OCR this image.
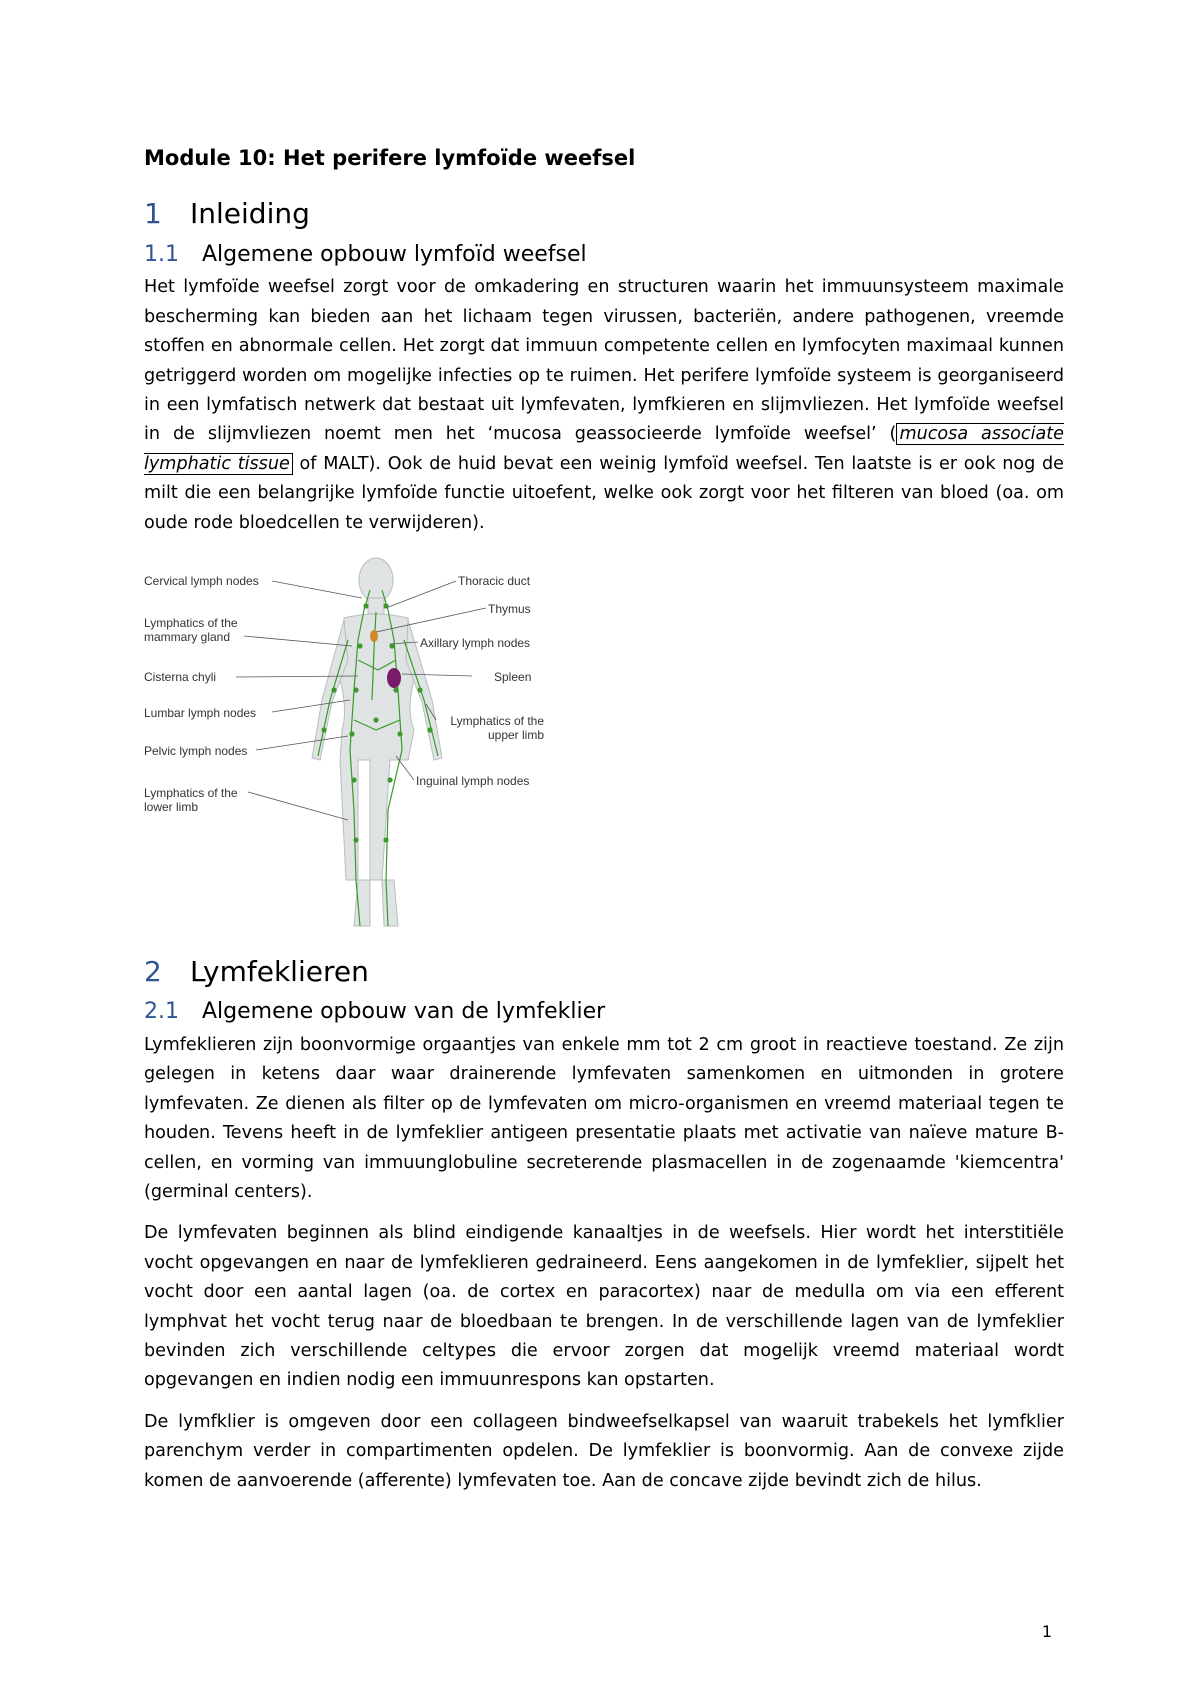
Module 10: Het perifere lymfoïde weefsel
1 Inleiding
1.1 Algemene opbouw lymfoïd weefsel

Het lymfoïde weefsel zorgt voor de omkadering en structuren waarin het immuunsysteem maximale bescherming kan bieden aan het lichaam tegen virussen, bacteriën, andere pathogenen, vreemde stoffen en abnormale cellen. Het zorgt dat immuun competente cellen en lymfocyten maximaal kunnen getriggerd worden om mogelijke infecties op te ruimen. Het perifere lymfoïde systeem is georganiseerd in een lymfatisch netwerk dat bestaat uit lymfevaten, lymfkieren en slijmvliezen. Het lymfoïde weefsel in de slijmvliezen noemt men het ‘mucosa geassocieerde lymfoïde weefsel’ ( mucosa associate lymphatic tissue of MALT). Ook de huid bevat een weinig lymfoïd weefsel. Ten laatste is er ook nog de milt die een belangrijke lymfoïde functie uitoefent, welke ook zorgt voor het filteren van bloed (oa. om oude rode bloedcellen te verwijderen).

Cervical lymph nodes
Lymphatics of the mammary gland
Cisterna chyli
Lumbar lymph nodes
Pelvic lymph nodes
Lymphatics of the lower limb
Thoracic duct
Thymus
Axillary lymph nodes
Spleen
Lymphatics of the upper limb
Inguinal lymph nodes
2 Lymfeklieren
2.1 Algemene opbouw van de lymfeklier

Lymfeklieren zijn boonvormige orgaantjes van enkele mm tot 2 cm groot in reactieve toestand. Ze zijn gelegen in ketens daar waar drainerende lymfevaten samenkomen en uitmonden in grotere lymfevaten. Ze dienen als filter op de lymfevaten om micro-organismen en vreemd materiaal tegen te houden. Tevens heeft in de lymfeklier antigeen presentatie plaats met activatie van naïeve mature B-cellen, en vorming van immuunglobuline secreterende plasmacellen in de zogenaamde 'kiemcentra' (germinal centers).

De lymfevaten beginnen als blind eindigende kanaaltjes in de weefsels. Hier wordt het interstitiële vocht opgevangen en naar de lymfeklieren gedraineerd. Eens aangekomen in de lymfeklier, sijpelt het vocht door een aantal lagen (oa. de cortex en paracortex) naar de medulla om via een efferent lymphvat het vocht terug naar de bloedbaan te brengen. In de verschillende lagen van de lymfeklier bevinden zich verschillende celtypes die ervoor zorgen dat mogelijk vreemd materiaal wordt opgevangen en indien nodig een immuunrespons kan opstarten.

De lymfklier is omgeven door een collageen bindweefselkapsel van waaruit trabekels het lymfklier parenchym verder in compartimenten opdelen. De lymfeklier is boonvormig. Aan de convexe zijde komen de aanvoerende (afferente) lymfevaten toe. Aan de concave zijde bevindt zich de hilus.

1
